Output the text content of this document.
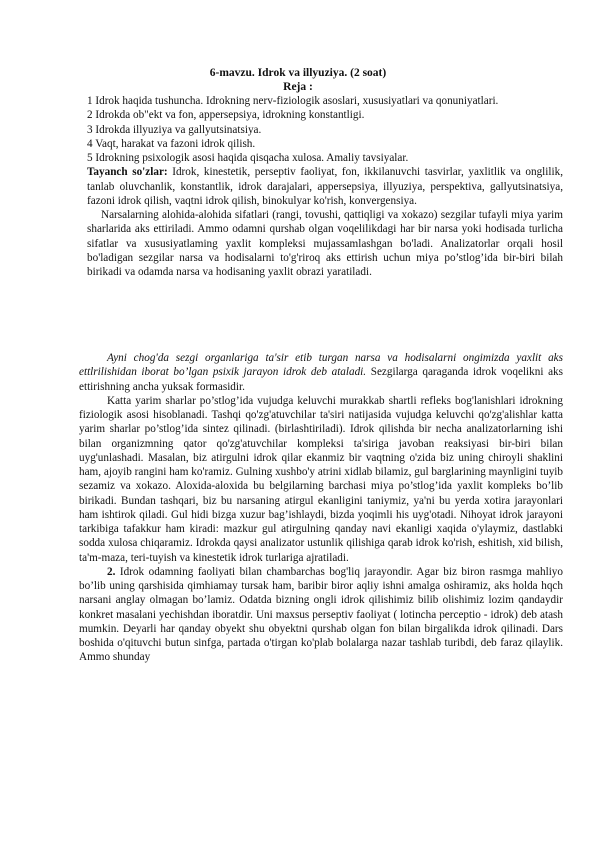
6-mavzu. Idrok va illyuziya. (2 soat)
Reja :

1 Idrok haqida tushuncha. Idrokning nerv-fiziologik asoslari, xususiyatlari va qonuniyatlari.

2 Idrokda ob"ekt va fon, appersepsiya, idrokning konstantligi.

3 Idrokda illyuziya va gallyutsinatsiya.

4 Vaqt, harakat va fazoni idrok qilish.

5 Idrokning psixologik asosi haqida qisqacha xulosa. Amaliy tavsiyalar.

Tayanch so'zlar: Idrok, kinestetik, perseptiv faoliyat, fon, ikkilanuvchi tasvirlar, yaxlitlik va onglilik, tanlab oluvchanlik, konstantlik, idrok darajalari, appersepsiya, illyuziya, perspektiva, gallyutsinatsiya, fazoni idrok qilish, vaqtni idrok qilish, binokulyar ko'rish, konvergensiya.

Narsalarning alohida-alohida sifatlari (rangi, tovushi, qattiqligi va xokazo) sezgilar tufayli miya yarim sharlarida aks ettiriladi. Ammo odamni qurshab olgan voqelilikdagi har bir narsa yoki hodisada turlicha sifatlar va xususiyatlaming yaxlit kompleksi mujassamlashgan bo'ladi. Analizatorlar orqali hosil bo'ladigan sezgilar narsa va hodisalarni to'g'riroq aks ettirish uchun miya po’stlog’ida bir-biri bilah birikadi va odamda narsa va hodisaning yaxlit obrazi yaratiladi.

Ayni chog'da sezgi organlariga ta'sir etib turgan narsa va hodisalarni ongimizda yaxlit aks ettlrilishidan iborat bo’lgan psixik jarayon idrok deb ataladi. Sezgilarga qaraganda idrok voqelikni aks ettirishning ancha yuksak formasidir.

Katta yarim sharlar po’stlog’ida vujudga keluvchi murakkab shartli refleks bog'lanishlari idrokning fiziologik asosi hisoblanadi. Tashqi qo'zg'atuvchilar ta'siri natijasida vujudga keluvchi qo'zg'alishlar katta yarim sharlar po’stlog’ida sintez qilinadi. (birlashtiriladi). Idrok qilishda bir necha analizatorlarning ishi bilan organizmning qator qo'zg'atuvchilar kompleksi ta'siriga javoban reaksiyasi bir-biri bilan uyg'unlashadi. Masalan, biz atirgulni idrok qilar ekanmiz bir vaqtning o'zida biz uning chiroyli shaklini ham, ajoyib rangini ham ko'ramiz. Gulning xushbo'y atrini xidlab bilamiz, gul barglarining maynligini tuyib sezamiz va xokazo. Aloxida-aloxida bu belgilarning barchasi miya po’stlog’ida yaxlit kompleks bo’lib birikadi. Bundan tashqari, biz bu narsaning atirgul ekanligini taniymiz, ya'ni bu yerda xotira jarayonlari ham ishtirok qiladi. Gul hidi bizga xuzur bag’ishlaydi, bizda yoqimli his uyg'otadi. Nihoyat idrok jarayoni tarkibiga tafakkur ham kiradi: mazkur gul atirgulning qanday navi ekanligi xaqida o'ylaymiz, dastlabki sodda xulosa chiqaramiz. Idrokda qaysi analizator ustunlik qilishiga qarab idrok ko'rish, eshitish, xid bilish, ta'm-maza, teri-tuyish va kinestetik idrok turlariga ajratiladi.

2. Idrok odamning faoliyati bilan chambarchas bog'liq jarayondir. Agar biz biron rasmga mahliyo bo’lib uning qarshisida qimhiamay tursak ham, baribir biror aqliy ishni amalga oshiramiz, aks holda hqch narsani anglay olmagan bo’lamiz. Odatda bizning ongli idrok qilishimiz bilib olishimiz lozim qandaydir konkret masalani yechishdan iboratdir. Uni maxsus perseptiv faoliyat ( lotincha perceptio - idrok) deb atash mumkin. Deyarli har qanday obyekt shu obyektni qurshab olgan fon bilan birgalikda idrok qilinadi. Dars boshida o'qituvchi butun sinfga, partada o'tirgan ko'plab bolalarga nazar tashlab turibdi, deb faraz qilaylik. Ammo shunday
